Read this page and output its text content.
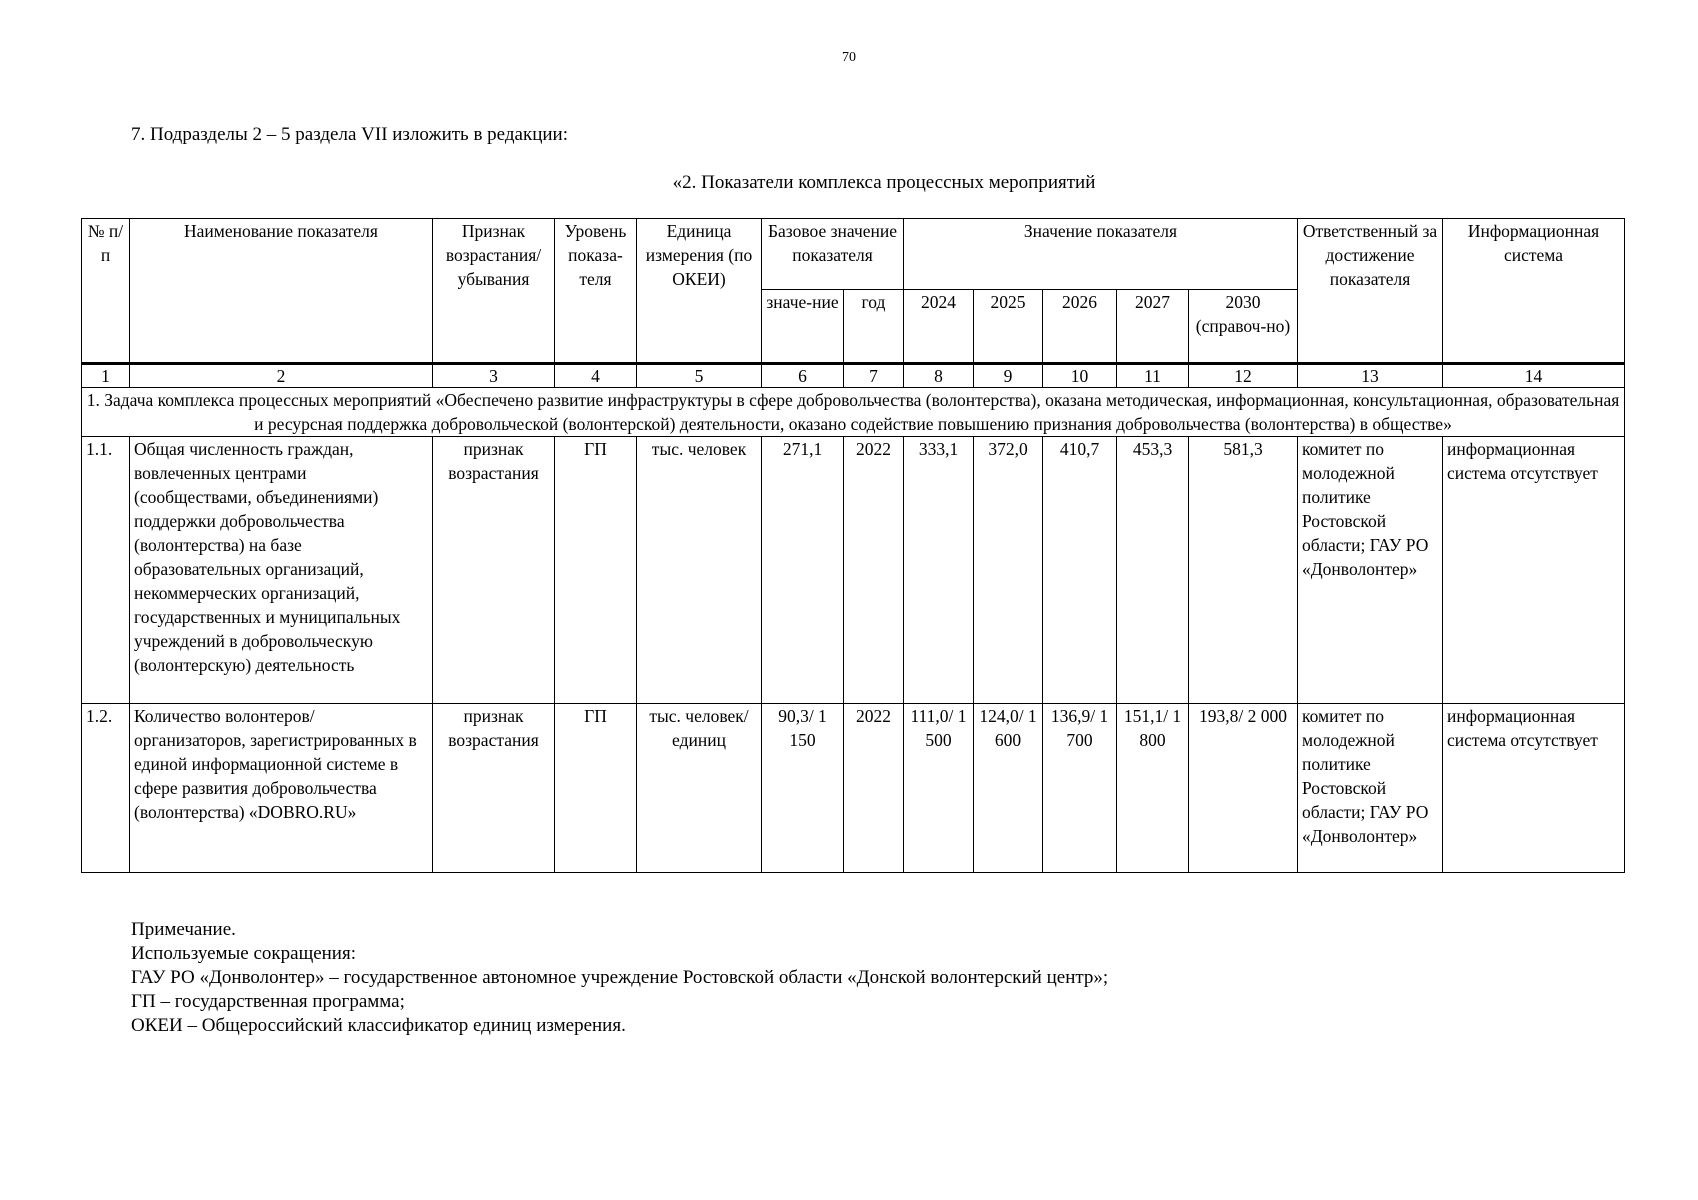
70
7. Подразделы 2 – 5 раздела VII изложить в редакции:
«2. Показатели комплекса процессных мероприятий
№ п/п	Наименование показателя	Признак возрастания/ убывания	Уровень показа-теля	Единица измерения (по ОКЕИ)	Базовое значение показателя		Значение показателя					Ответственный за достижение показателя	Информационная система
					значе-ние	год	2024	2025	2026	2027	2030 (справоч-но)		
1	2	3	4	5	6	7	8	9	10	11	12	13	14
1. Задача комплекса процессных мероприятий «Обеспечено развитие инфраструктуры в сфере добровольчества (волонтерства), оказана методическая, информационная, консультационная, образовательная и ресурсная поддержка добровольческой (волонтерской) деятельности, оказано содействие повышению признания добровольчества (волонтерства) в обществе»													
1.1.	Общая численность граждан, вовлеченных центрами (сообществами, объединениями) поддержки добровольчества (волонтерства) на базе образовательных организаций, некоммерческих организаций, государственных и муниципальных учреждений в добровольческую (волонтерскую) деятельность	признак возрастания	ГП	тыс. человек	271,1	2022	333,1	372,0	410,7	453,3	581,3	комитет по молодежной политике Ростовской области; ГАУ РО «Донволонтер»	информационная система отсутствует
1.2.	Количество волонтеров/ организаторов, зарегистрированных в единой информационной системе в сфере развития добровольчества (волонтерства) «DOBRO.RU»	признак возрастания	ГП	тыс. человек/ единиц	90,3/ 1 150	2022	111,0/ 1 500	124,0/ 1 600	136,9/ 1 700	151,1/ 1 800	193,8/ 2 000	комитет по молодежной политике Ростовской области; ГАУ РО «Донволонтер»	информационная система отсутствует
Примечание.
Используемые сокращения:
ГАУ РО «Донволонтер» – государственное автономное учреждение Ростовской области «Донской волонтерский центр»;
ГП – государственная программа;
ОКЕИ – Общероссийский классификатор единиц измерения.
